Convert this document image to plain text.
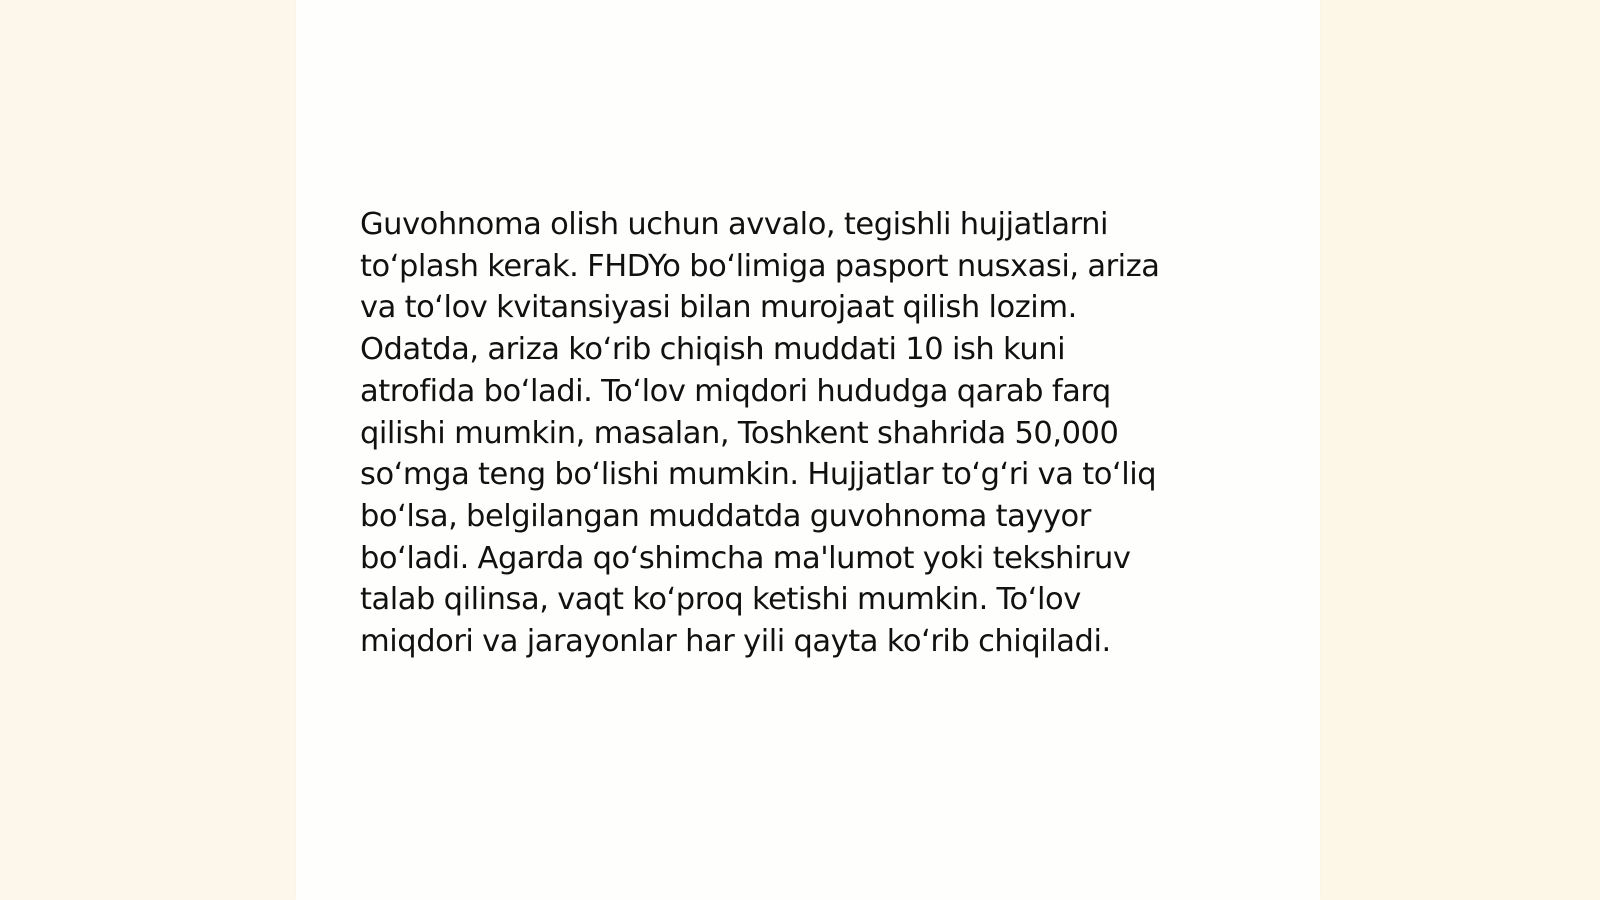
Guvohnoma olish uchun avvalo, tegishli hujjatlarni
to‘plash kerak. FHDYo bo‘limiga pasport nusxasi, ariza
va to‘lov kvitansiyasi bilan murojaat qilish lozim.
Odatda, ariza ko‘rib chiqish muddati 10 ish kuni
atrofida bo‘ladi. To‘lov miqdori hududga qarab farq
qilishi mumkin, masalan, Toshkent shahrida 50,000
so‘mga teng bo‘lishi mumkin. Hujjatlar to‘g‘ri va to‘liq
bo‘lsa, belgilangan muddatda guvohnoma tayyor
bo‘ladi. Agarda qo‘shimcha ma'lumot yoki tekshiruv
talab qilinsa, vaqt ko‘proq ketishi mumkin. To‘lov
miqdori va jarayonlar har yili qayta ko‘rib chiqiladi.
